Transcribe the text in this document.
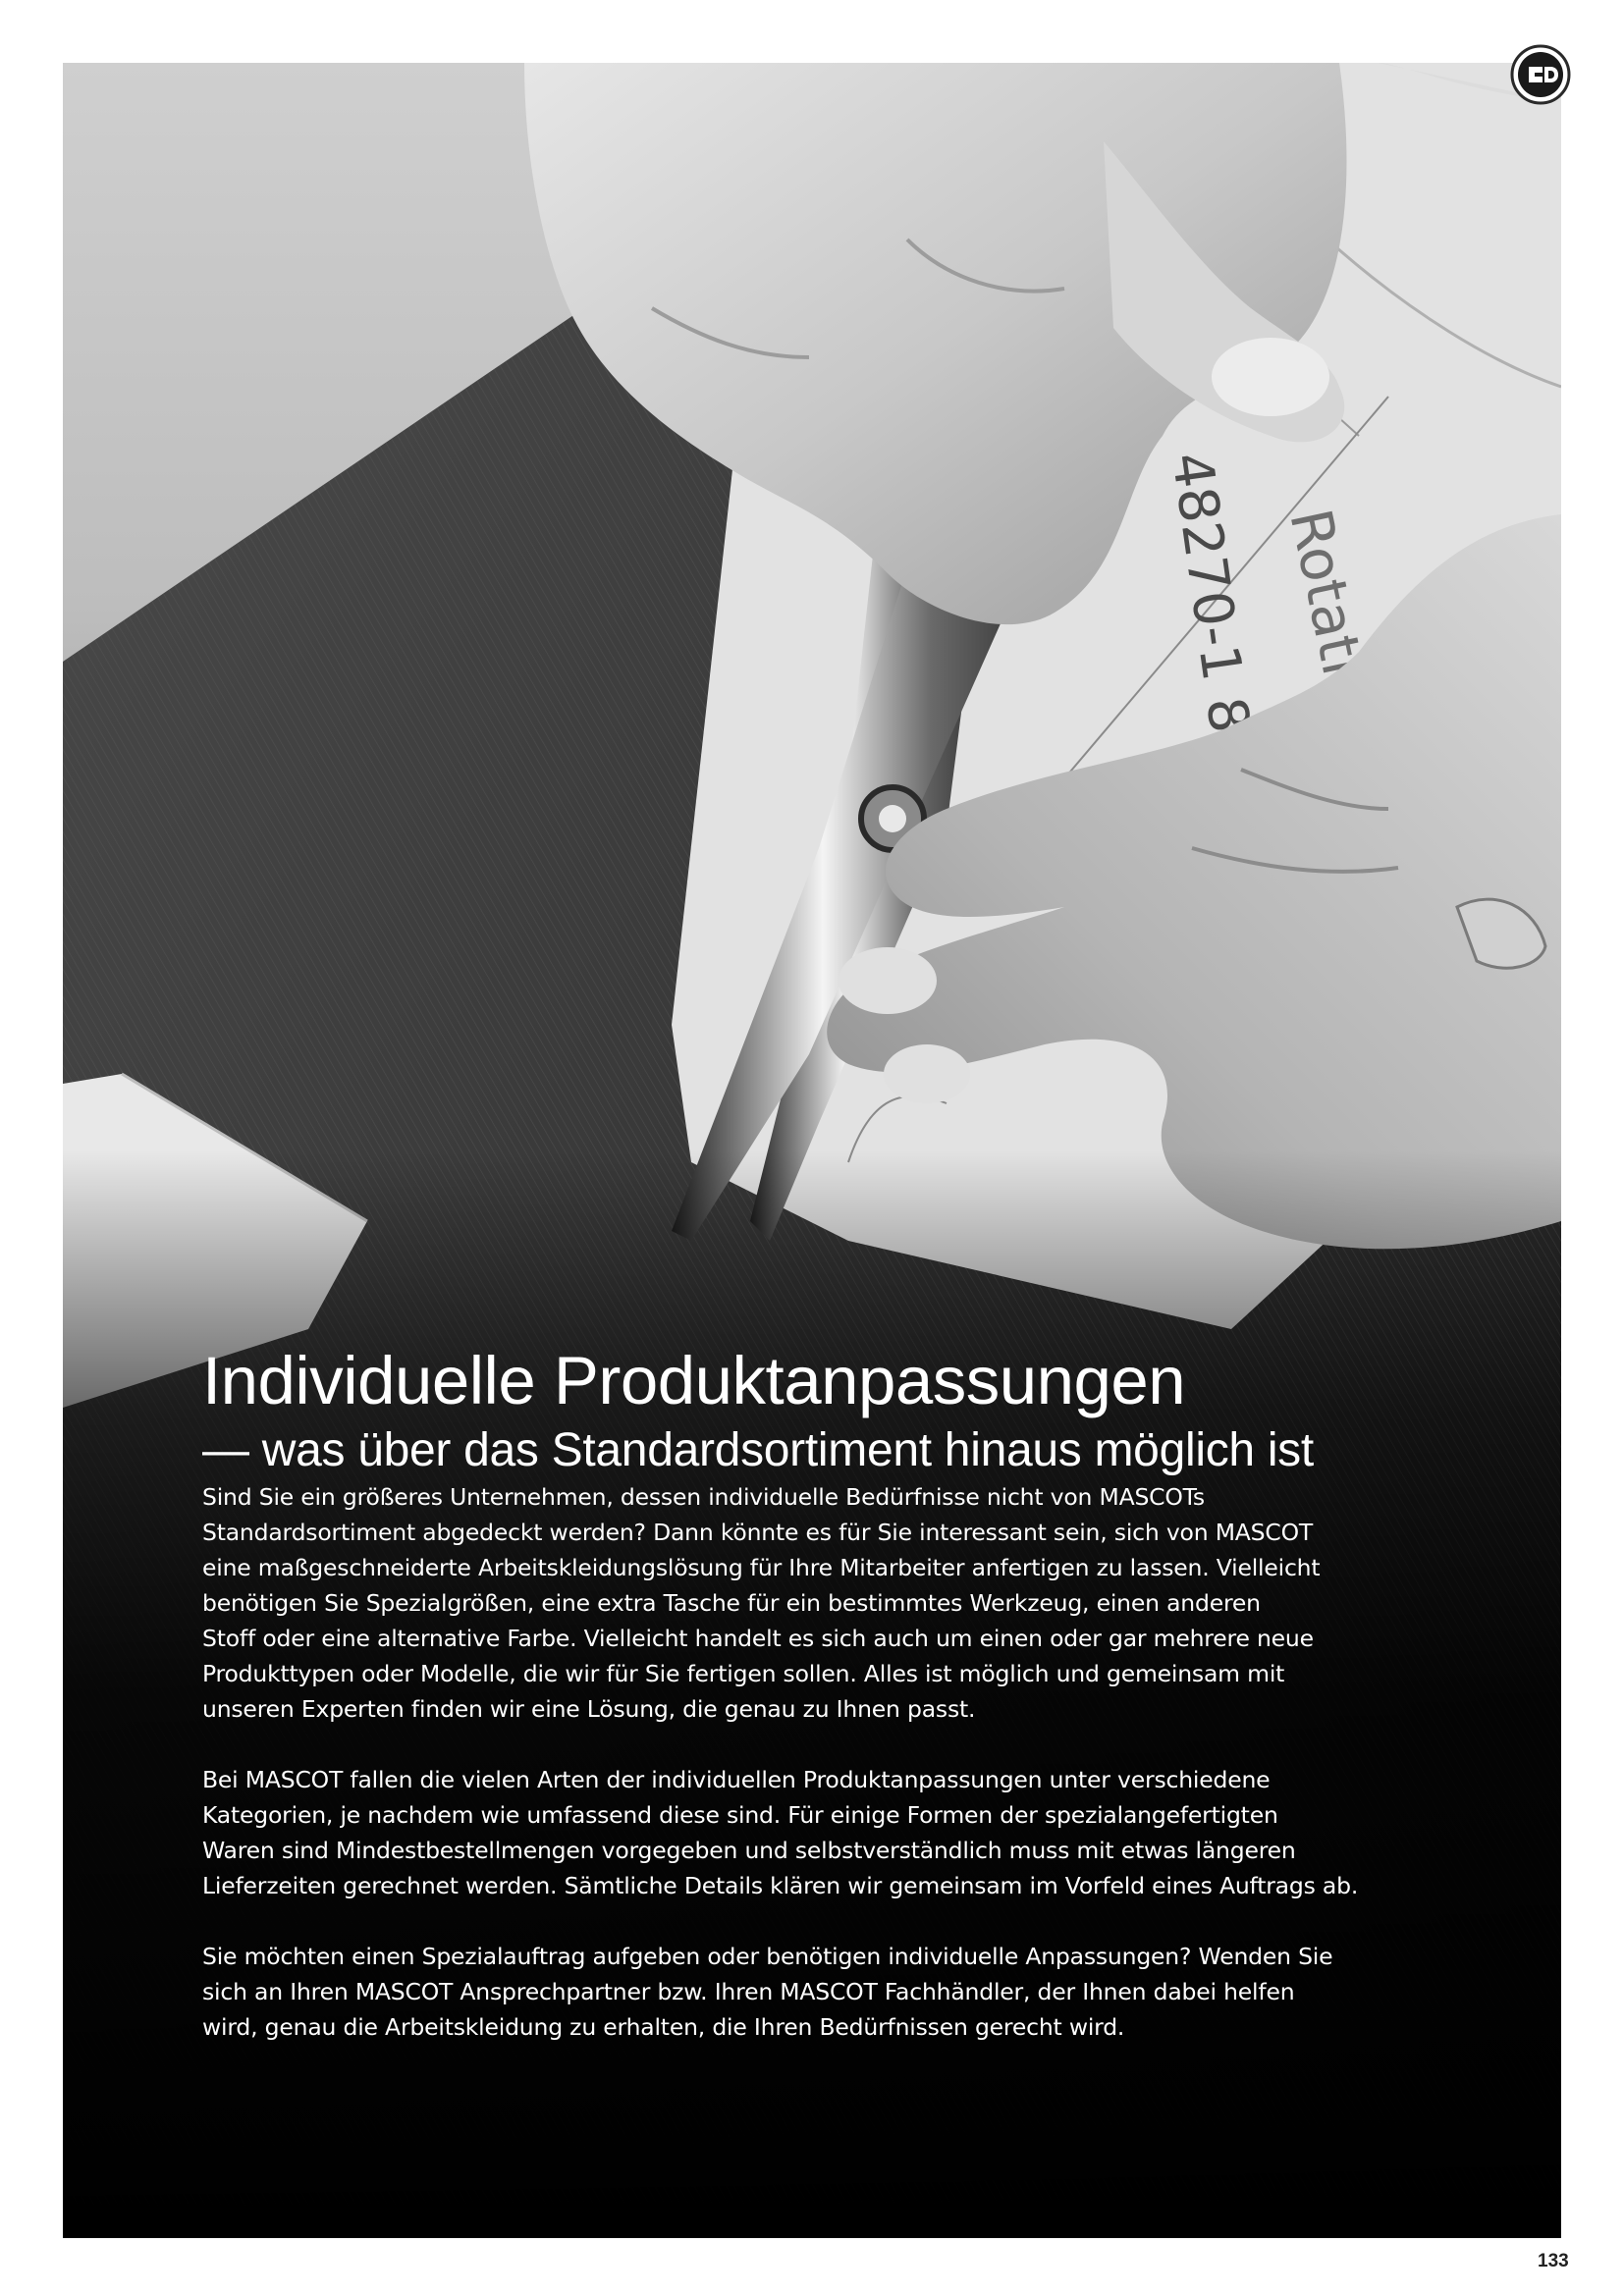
Individuelle Produktanpassungen
— was über das Standardsortiment hinaus möglich ist

Sind Sie ein größeres Unternehmen, dessen individuelle Bedürfnisse nicht von MASCOTs
Standardsortiment abgedeckt werden? Dann könnte es für Sie interessant sein, sich von MASCOT
eine maßgeschneiderte Arbeitskleidungslösung für Ihre Mitarbeiter anfertigen zu lassen. Vielleicht
benötigen Sie Spezialgrößen, eine extra Tasche für ein bestimmtes Werkzeug, einen anderen
Stoff oder eine alternative Farbe. Vielleicht handelt es sich auch um einen oder gar mehrere neue
Produkttypen oder Modelle, die wir für Sie fertigen sollen. Alles ist möglich und gemeinsam mit
unseren Experten finden wir eine Lösung, die genau zu Ihnen passt.

Bei MASCOT fallen die vielen Arten der individuellen Produktanpassungen unter verschiedene
Kategorien, je nachdem wie umfassend diese sind. Für einige Formen der spezialangefertigten
Waren sind Mindestbestellmengen vorgegeben und selbstverständlich muss mit etwas längeren
Lieferzeiten gerechnet werden. Sämtliche Details klären wir gemeinsam im Vorfeld eines Auftrags ab.

Sie möchten einen Spezialauftrag aufgeben oder benötigen individuelle Anpassungen? Wenden Sie
sich an Ihren MASCOT Ansprechpartner bzw. Ihren MASCOT Fachhändler, der Ihnen dabei helfen
wird, genau die Arbeitskleidung zu erhalten, die Ihren Bedürfnissen gerecht wird.

133
